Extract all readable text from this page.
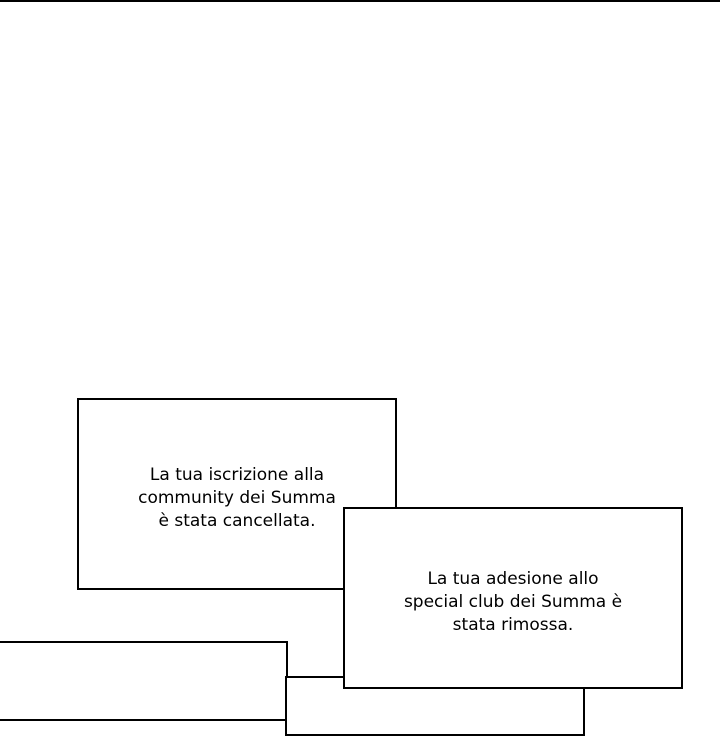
La tua iscrizione alla
community dei Summa
è stata cancellata.
La tua adesione allo
special club dei Summa è
stata rimossa.
